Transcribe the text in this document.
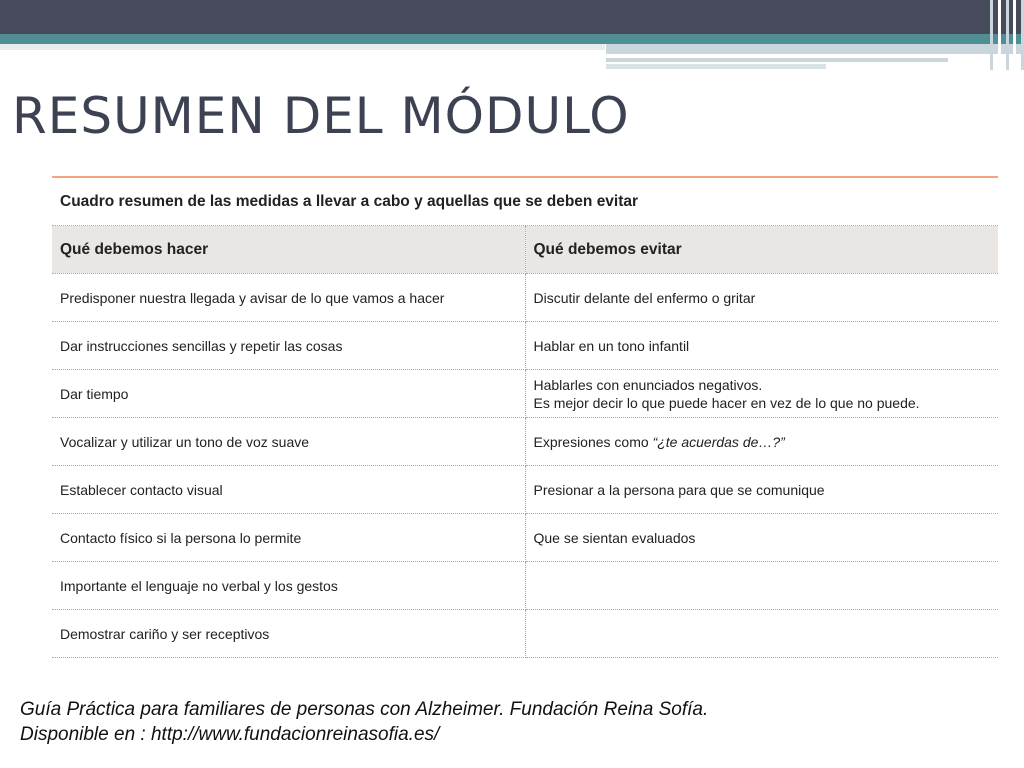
RESUMEN DEL MÓDULO
Cuadro resumen de las medidas a llevar a cabo y aquellas que se deben evitar	
Qué debemos hacer	Qué debemos evitar
Predisponer nuestra llegada y avisar de lo que vamos a hacer	Discutir delante del enfermo o gritar

Dar instrucciones sencillas y repetir las cosas	Hablar en un tono infantil

Dar tiempo	Hablarles con enunciados negativos.
Es mejor decir lo que puede hacer en vez de lo que no puede.

Vocalizar y utilizar un tono de voz suave	Expresiones como “¿te acuerdas de…?”
Establecer contacto visual	Presionar a la persona para que se comunique

Contacto físico si la persona lo permite	Que se sientan evaluados

Importante el lenguaje no verbal y los gestos	
Demostrar cariño y ser receptivos	
Guía Práctica para familiares de personas con Alzheimer. Fundación Reina Sofía.
Disponible en : http://www.fundacionreinasofia.es/
